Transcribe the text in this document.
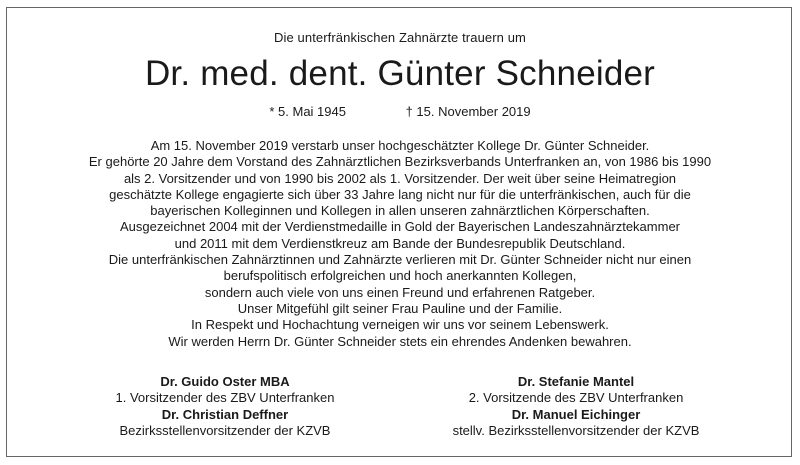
Die unterfränkischen Zahnärzte trauern um
Dr. med. dent. Günter Schneider
* 5. Mai 1945	† 15. November 2019

Am 15. November 2019 verstarb unser hochgeschätzter Kollege Dr. Günter Schneider.

Er gehörte 20 Jahre dem Vorstand des Zahnärztlichen Bezirksverbands Unterfranken an, von 1986 bis 1990

als 2. Vorsitzender und von 1990 bis 2002 als 1. Vorsitzender. Der weit über seine Heimatregion

geschätzte Kollege engagierte sich über 33 Jahre lang nicht nur für die unterfränkischen, auch für die

bayerischen Kolleginnen und Kollegen in allen unseren zahnärztlichen Körperschaften.

Ausgezeichnet 2004 mit der Verdienstmedaille in Gold der Bayerischen Landeszahnärztekammer

und 2011 mit dem Verdienstkreuz am Bande der Bundesrepublik Deutschland.

Die unterfränkischen Zahnärztinnen und Zahnärzte verlieren mit Dr. Günter Schneider nicht nur einen

berufspolitisch erfolgreichen und hoch anerkannten Kollegen,

sondern auch viele von uns einen Freund und erfahrenen Ratgeber.

Unser Mitgefühl gilt seiner Frau Pauline und der Familie.

In Respekt und Hochachtung verneigen wir uns vor seinem Lebenswerk.

Wir werden Herrn Dr. Günter Schneider stets ein ehrendes Andenken bewahren.

Dr. Guido Oster MBA
1. Vorsitzender des ZBV Unterfranken
Dr. Christian Deffner
Bezirksstellenvorsitzender der KZVB
Dr. Stefanie Mantel
2. Vorsitzende des ZBV Unterfranken
Dr. Manuel Eichinger
stellv. Bezirksstellenvorsitzender der KZVB
